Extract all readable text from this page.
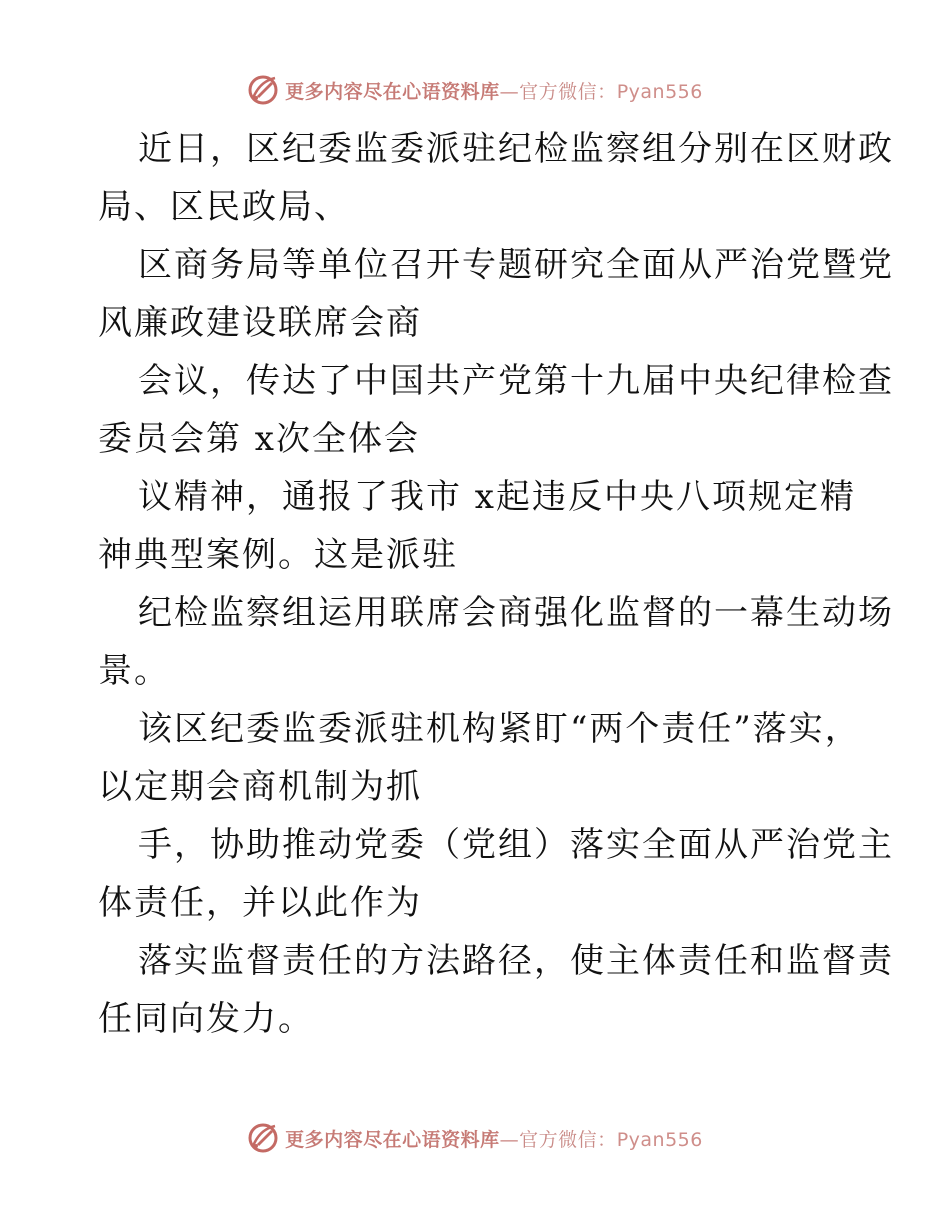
更多内容尽在心语资料库—官方微信：Pyan556

近日，区纪委监委派驻纪检监察组分别在区财政
局、区民政局、

区商务局等单位召开专题研究全面从严治党暨党
风廉政建设联席会商

会议，传达了中国共产党第十九届中央纪律检查
委员会第 x次全体会

议精神，通报了我市 x起违反中央八项规定精
神典型案例。这是派驻

纪检监察组运用联席会商强化监督的一幕生动场
景。

该区纪委监委派驻机构紧盯“两个责任”落实，
以定期会商机制为抓

手，协助推动党委（党组）落实全面从严治党主
体责任，并以此作为

落实监督责任的方法路径，使主体责任和监督责
任同向发力。

更多内容尽在心语资料库—官方微信：Pyan556
